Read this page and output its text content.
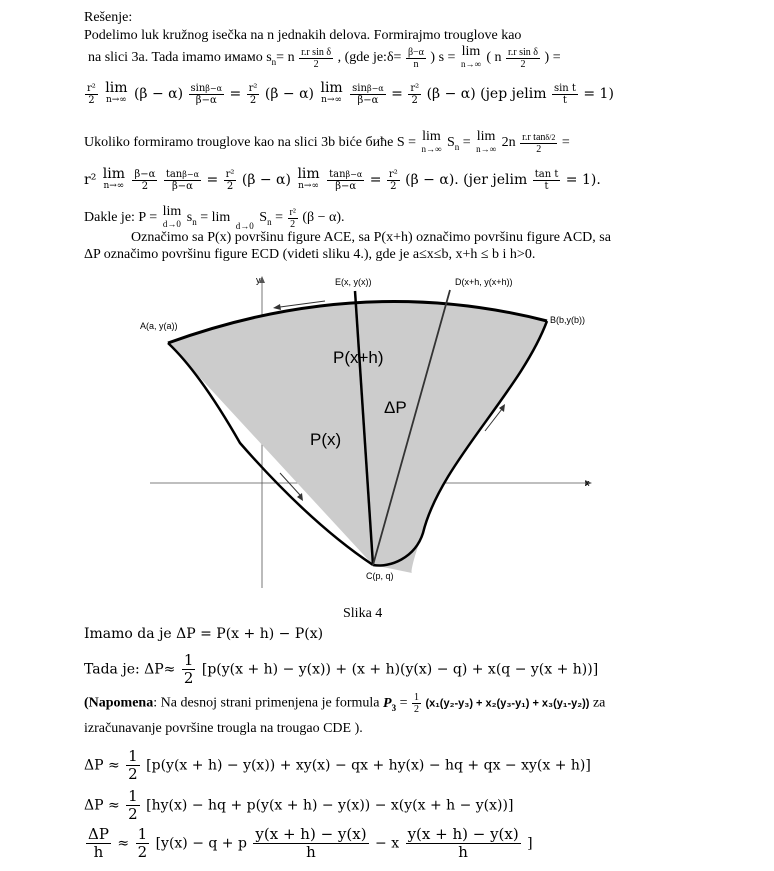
Rešenje:
Podelimo luk kružnog isečka na n jednakih delova. Formirajmo trouglove kao
na slici 3a. Tada imamo имамо $s_n= n \frac{\text{r.r sin δ}}{2}$ , (gde je:δ= $\frac{\beta-\alpha}{n}$ ) s = lim
n→∞ ( n $\frac{\text{r.r sin δ}}{2}$ ) =
$\frac{\text{r²}}{2}$
lim
n→∞ $(\beta - \alpha) \frac{\sin\beta-\alpha}{\beta-\alpha} = \frac{\text{r²}}{2} (\beta - \alpha)$ lim
n→∞
$\frac{\sin\beta-\alpha}{\beta-\alpha} = \frac{\text{r²}}{2} (\beta - \alpha)$ (jep jelim $\frac{\text{sin t}}{t} = 1$)
Ukoliko formiramo trouglove kao na slici 3b biće биће S = lim
n→∞ $S_n = \lim$
n→∞ $2n \frac{\text{r.r tanδ/2}}{2}$ =
r² lim
n→∞
$\frac{\beta-\alpha}{2}$
$\frac{\tan\beta-\alpha}{\beta-\alpha} = \frac{\text{r²}}{2} (\beta - \alpha)$ lim
n→∞
$\frac{\tan\beta-\alpha}{\beta-\alpha} = \frac{\text{r²}}{2} (\beta - \alpha)$. (jer jelim $\frac{\text{tan t}}{t} = 1$).
Dakle je: P = lim
d→0 $s_n = \lim$
d→0
$S_n = \frac{\text{r²}}{2} (\beta - \alpha)$.
Označimo sa P(x) površinu figure ACE, sa P(x+h) označimo površinu figure ACD, sa
ΔP označimo površinu figure ECD (videti sliku 4.), gde je a≤x≤b, x+h ≤ b i h>0.
E(x, y(x))	D(x+h, y(x+h))
B(b,y(b))
A(a, y(a))
C(p, q)
P(x+h)
P(x)
ΔP
x
y
Slika 4
Imamo da je ΔP = P(x + h) − P(x)
Tada je: $\Delta P\approx \frac{1}{2} [p(y(x + h) - y(x)) + (x + h)(y(x) - q) + x(q - y(x + h))]$
(Napomena: Na desnoj strani primenjena je formula $P_3 = \frac{1}{2} (x_1(y_2-y_3) + x_2(y_3-y_1) + x_3(y_1-y_2))$ za
izračunavanje površine trougla na trougao CDE ).
$\Delta P \approx \frac{1}{2} [p(y(x + h) - y(x)) + xy(x)$ − qx + hy(x) − hq + qx − xy(x + h)]
$\Delta P \approx \frac{1}{2} [hy(x)$ − hq + p(y(x + h) − y(x)) − x(y(x + h − y(x))]
$\frac{\Delta P}{h} \approx \frac{1}{2} [y(x) - q + p \frac{y(x + h) - y(x)}{h} - x \frac{y(x + h) - y(x)}{h}$ ]
